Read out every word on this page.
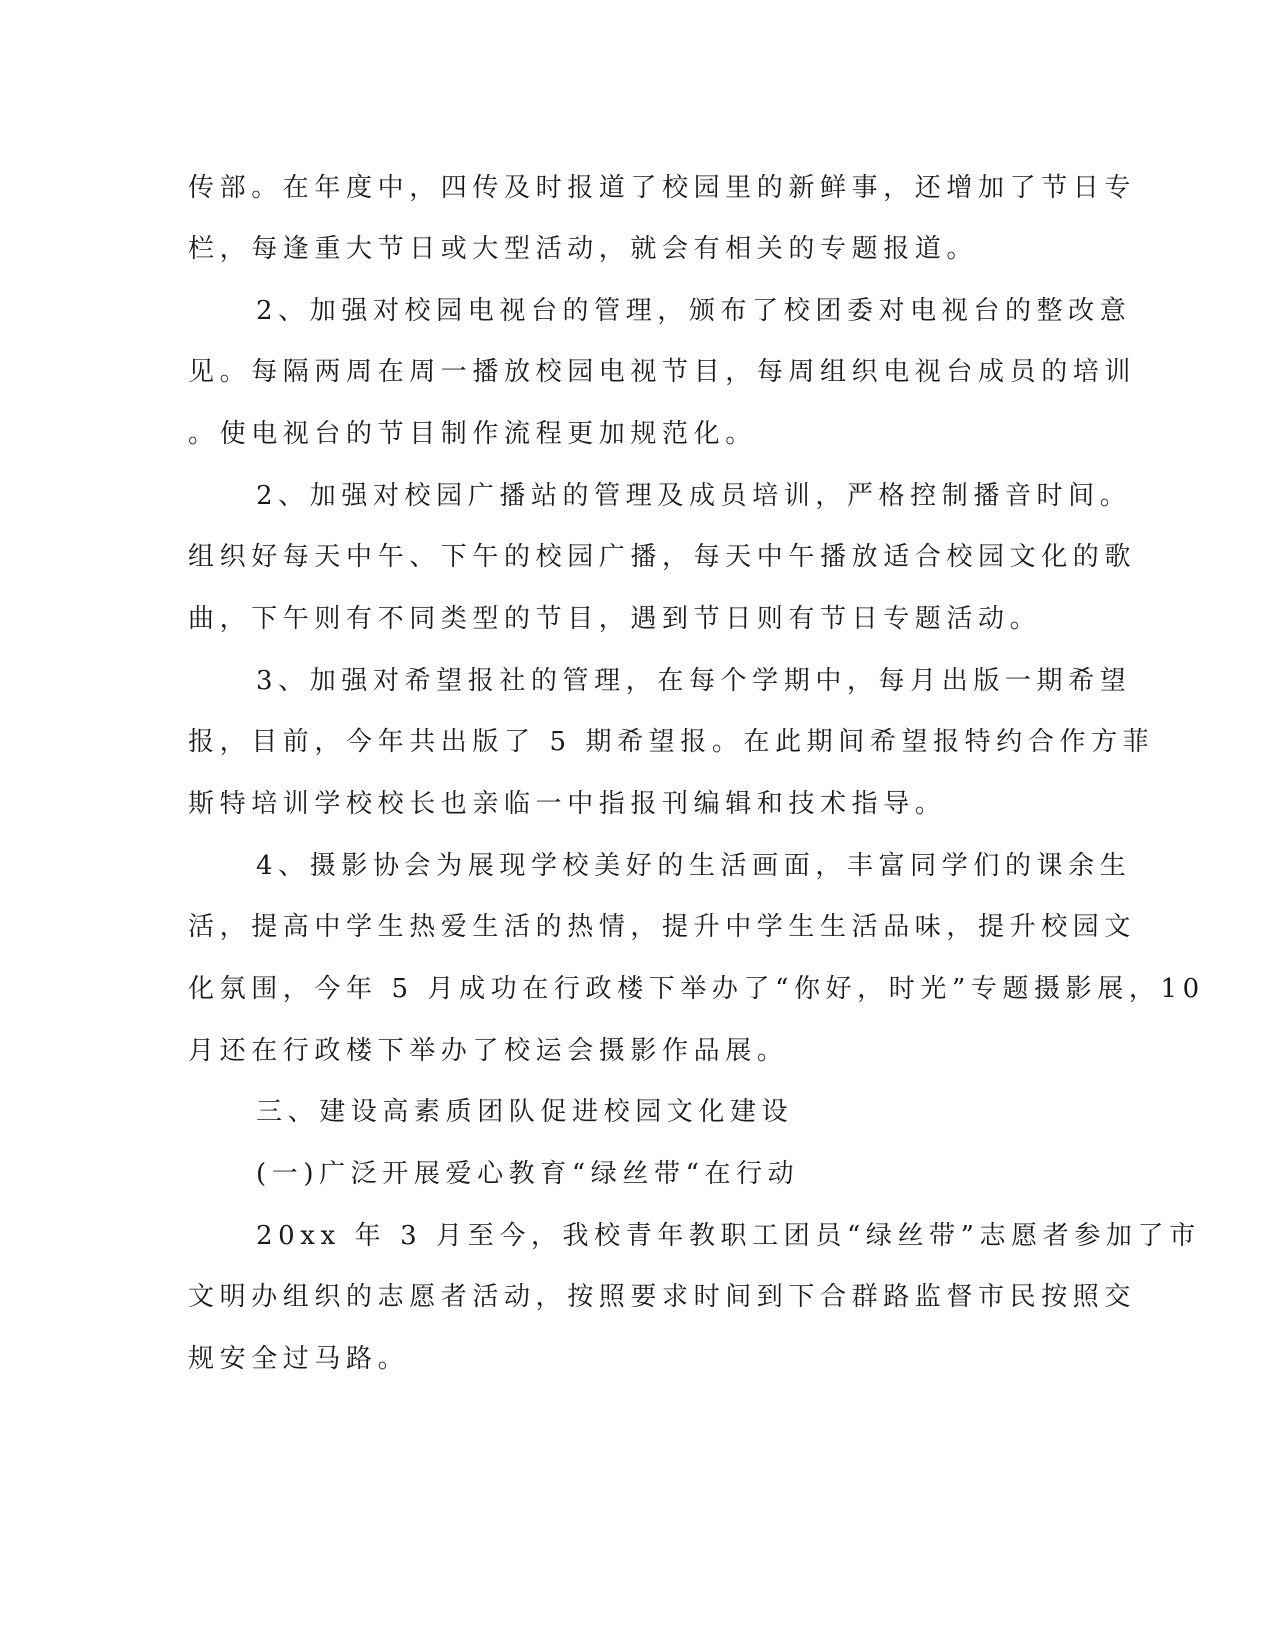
传部。在年度中，四传及时报道了校园里的新鲜事，还增加了节日专
栏，每逢重大节日或大型活动，就会有相关的专题报道。
2、加强对校园电视台的管理，颁布了校团委对电视台的整改意
见。每隔两周在周一播放校园电视节目，每周组织电视台成员的培训
。使电视台的节目制作流程更加规范化。
2、加强对校园广播站的管理及成员培训，严格控制播音时间。
组织好每天中午、下午的校园广播，每天中午播放适合校园文化的歌
曲，下午则有不同类型的节目，遇到节日则有节日专题活动。
3、加强对希望报社的管理，在每个学期中，每月出版一期希望
报，目前，今年共出版了 5 期希望报。在此期间希望报特约合作方菲
斯特培训学校校长也亲临一中指报刊编辑和技术指导。
4、摄影协会为展现学校美好的生活画面，丰富同学们的课余生
活，提高中学生热爱生活的热情，提升中学生生活品味，提升校园文
化氛围，今年 5 月成功在行政楼下举办了“你好，时光”专题摄影展，10
月还在行政楼下举办了校运会摄影作品展。
三、建设高素质团队促进校园文化建设
(一)广泛开展爱心教育“绿丝带“在行动
20xx 年 3 月至今，我校青年教职工团员“绿丝带”志愿者参加了市
文明办组织的志愿者活动，按照要求时间到下合群路监督市民按照交
规安全过马路。
